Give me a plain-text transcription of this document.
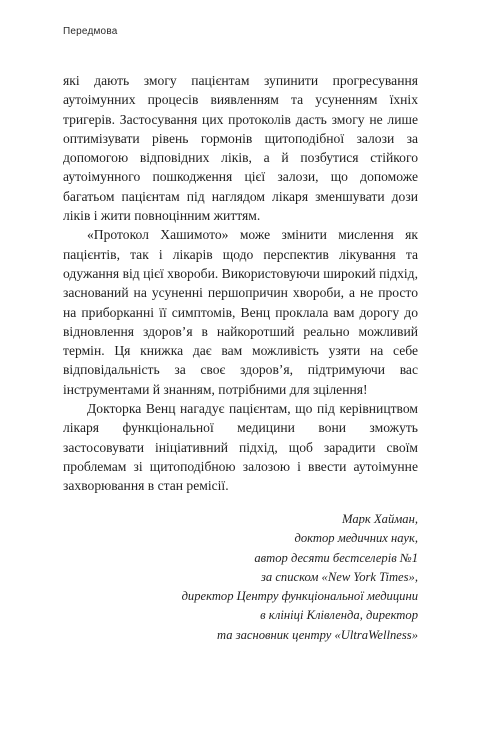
Передмова

які дають змогу пацієнтам зупинити прогресування аутоімунних процесів виявленням та усуненням їхніх тригерів. Застосування цих протоколів дасть змогу не лише оптимізувати рівень гормонів щитоподібної залози за допомогою відповідних ліків, а й позбутися стійкого аутоімунного пошкодження цієї залози, що допоможе багатьом пацієнтам під наглядом лікаря зменшувати дози ліків і жити повноцінним життям.

«Протокол Хашимото» може змінити мислення як пацієнтів, так і лікарів щодо перспектив лікування та одужання від цієї хвороби. Використовуючи широкий підхід, заснований на усуненні першопричин хвороби, а не просто на приборканні її симптомів, Венц проклала вам дорогу до відновлення здоров’я в найкоротший реально можливий термін. Ця книжка дає вам можливість узяти на себе відповідальність за своє здоров’я, підтримуючи вас інструментами й знанням, потрібними для зцілення!

Докторка Венц нагадує пацієнтам, що під керівництвом лікаря функціональної медицини вони зможуть застосовувати ініціативний підхід, щоб зарадити своїм проблемам зі щитоподібною залозою і ввести аутоімунне захворювання в стан ремісії.

Марк Хайман,
доктор медичних наук,
автор десяти бестселерів №1
за списком «New York Times»,
директор Центру функціональної медицини
в клініці Клівленда, директор
та засновник центру «UltraWellness»
